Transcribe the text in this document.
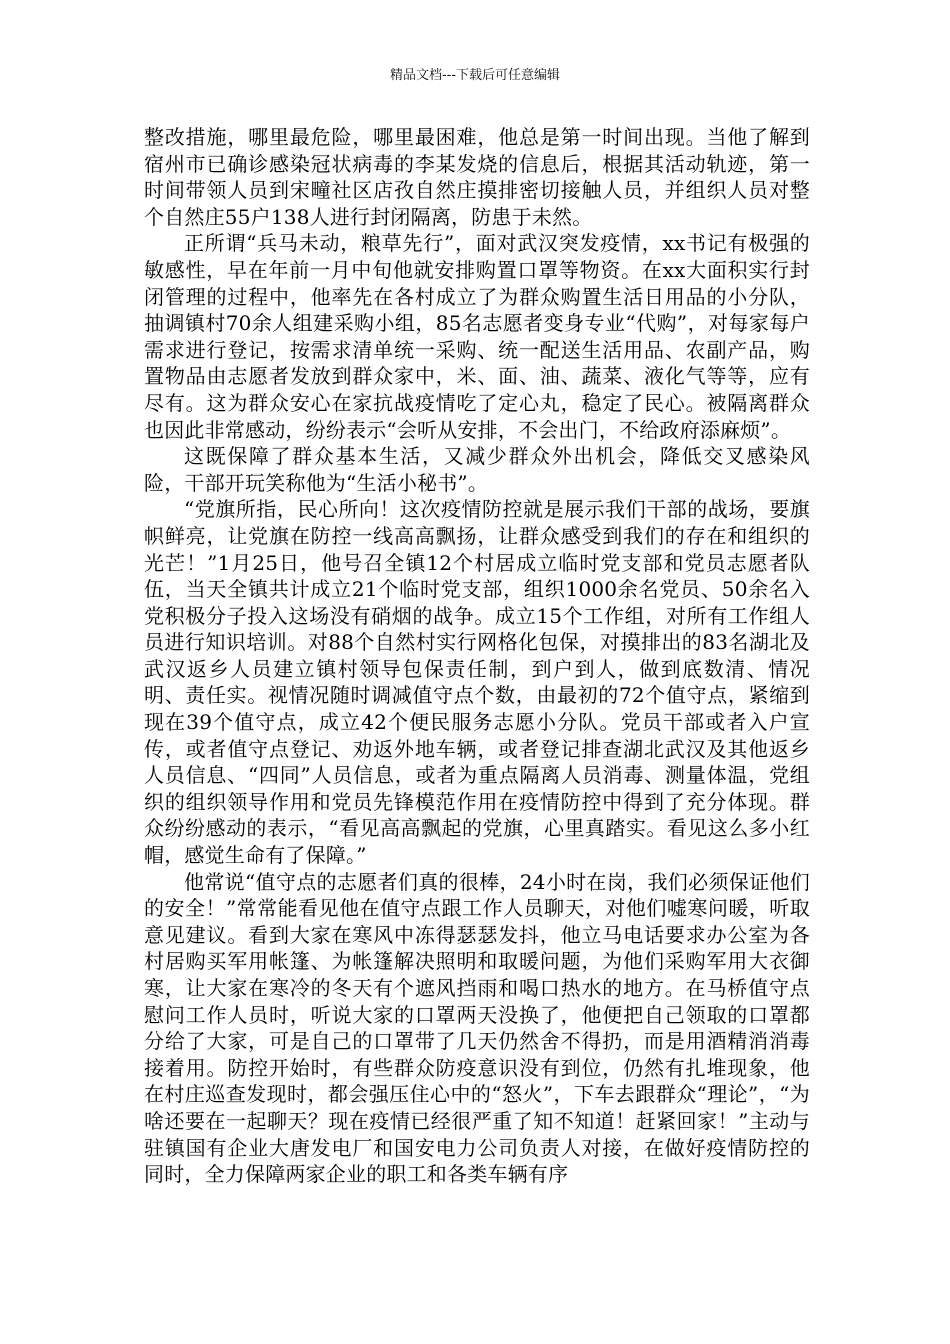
精品文档---下载后可任意编辑

整改措施，哪里最危险，哪里最困难，他总是第一时间出现。当他了解到宿州市已确诊感染冠状病毒的李某发烧的信息后，根据其活动轨迹，第一时间带领人员到宋疃社区店孜自然庄摸排密切接触人员，并组织人员对整个自然庄55户138人进行封闭隔离，防患于未然。

正所谓“兵马未动，粮草先行”，面对武汉突发疫情，xx书记有极强的敏感性，早在年前一月中旬他就安排购置口罩等物资。在xx大面积实行封闭管理的过程中，他率先在各村成立了为群众购置生活日用品的小分队，抽调镇村70余人组建采购小组，85名志愿者变身专业“代购”，对每家每户需求进行登记，按需求清单统一采购、统一配送生活用品、农副产品，购置物品由志愿者发放到群众家中，米、面、油、蔬菜、液化气等等，应有尽有。这为群众安心在家抗战疫情吃了定心丸，稳定了民心。被隔离群众也因此非常感动，纷纷表示“会听从安排，不会出门，不给政府添麻烦”。

这既保障了群众基本生活，又减少群众外出机会，降低交叉感染风险，干部开玩笑称他为“生活小秘书”。

“党旗所指，民心所向！这次疫情防控就是展示我们干部的战场，要旗帜鲜亮，让党旗在防控一线高高飘扬，让群众感受到我们的存在和组织的光芒！”1月25日，他号召全镇12个村居成立临时党支部和党员志愿者队伍，当天全镇共计成立21个临时党支部，组织1000余名党员、50余名入党积极分子投入这场没有硝烟的战争。成立15个工作组，对所有工作组人员进行知识培训。对88个自然村实行网格化包保，对摸排出的83名湖北及武汉返乡人员建立镇村领导包保责任制，到户到人，做到底数清、情况明、责任实。视情况随时调减值守点个数，由最初的72个值守点，紧缩到现在39个值守点，成立42个便民服务志愿小分队。党员干部或者入户宣传，或者值守点登记、劝返外地车辆，或者登记排查湖北武汉及其他返乡人员信息、“四同”人员信息，或者为重点隔离人员消毒、测量体温，党组织的组织领导作用和党员先锋模范作用在疫情防控中得到了充分体现。群众纷纷感动的表示，“看见高高飘起的党旗，心里真踏实。看见这么多小红帽，感觉生命有了保障。”

他常说“值守点的志愿者们真的很棒，24小时在岗，我们必须保证他们的安全！”常常能看见他在值守点跟工作人员聊天，对他们嘘寒问暖，听取意见建议。看到大家在寒风中冻得瑟瑟发抖，他立马电话要求办公室为各村居购买军用帐篷、为帐篷解决照明和取暖问题，为他们采购军用大衣御寒，让大家在寒冷的冬天有个遮风挡雨和喝口热水的地方。在马桥值守点慰问工作人员时，听说大家的口罩两天没换了，他便把自己领取的口罩都分给了大家，可是自己的口罩带了几天仍然舍不得扔，而是用酒精消消毒接着用。防控开始时，有些群众防疫意识没有到位，仍然有扎堆现象，他在村庄巡查发现时，都会强压住心中的“怒火”，下车去跟群众“理论”，“为啥还要在一起聊天？现在疫情已经很严重了知不知道！赶紧回家！”主动与驻镇国有企业大唐发电厂和国安电力公司负责人对接，在做好疫情防控的同时，全力保障两家企业的职工和各类车辆有序
